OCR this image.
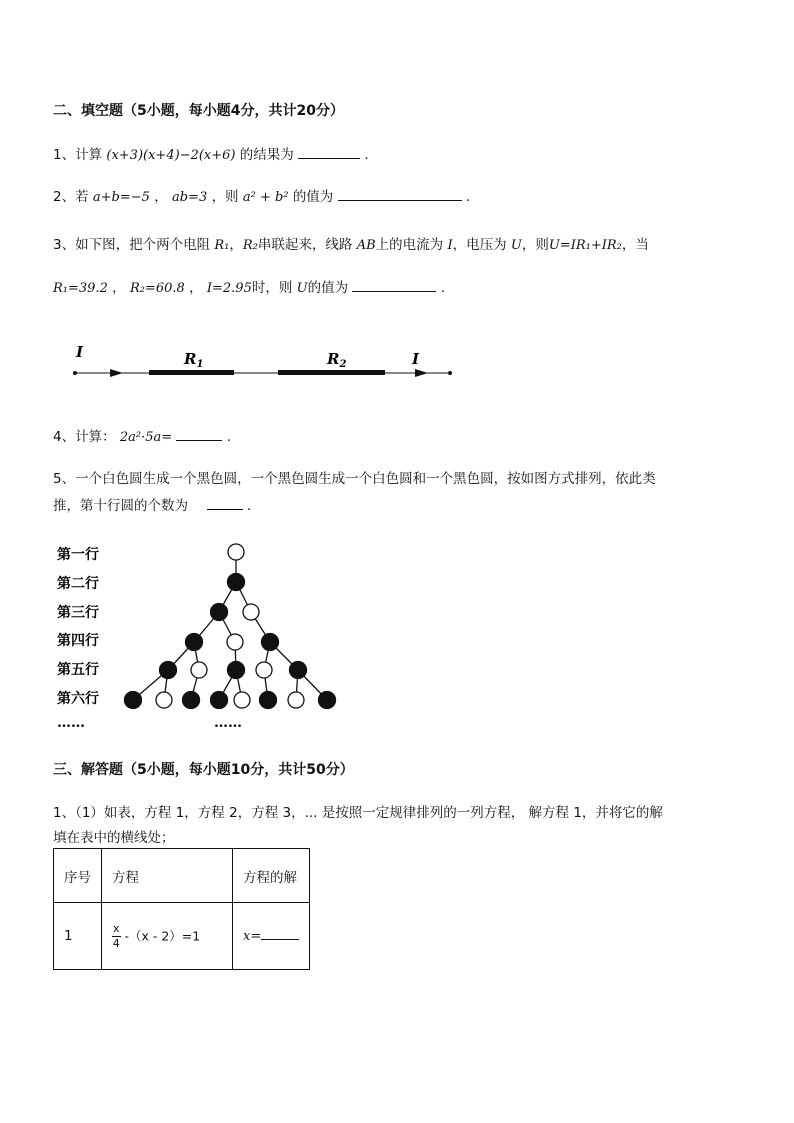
二、填空题（5小题，每小题4分，共计20分）
1、计算 (x+3)(x+4)−2(x+6) 的结果为	.
2、若 a+b=−5 ， ab=3 ，则 a² + b² 的值为	.
3、如下图，把个两个电阻 R₁，R₂串联起来，线路 AB上的电流为 I，电压为 U，则U=IR₁+IR₂，当
R₁=39.2 ， R₂=60.8 ， I=2.95时，则 U的值为	.
I	$R_1$	$R_2$	I
4、计算： 2a²·5a=	.
5、一个白色圆生成一个黑色圆，一个黑色圆生成一个白色圆和一个黑色圆，按如图方式排列，依此类
推，第十行圆的个数为	.
第一行
第二行
第三行
第四行
第五行
第六行
……	……
三、解答题（5小题，每小题10分，共计50分）
1、（1）如表，方程 1，方程 2，方程 3，... 是按照一定规律排列的一列方程， 解方程 1，并将它的解
填在表中的横线处；
序号	方程	方程的解
1	$\frac{x}{4} -(x - 2)=1$	x=
